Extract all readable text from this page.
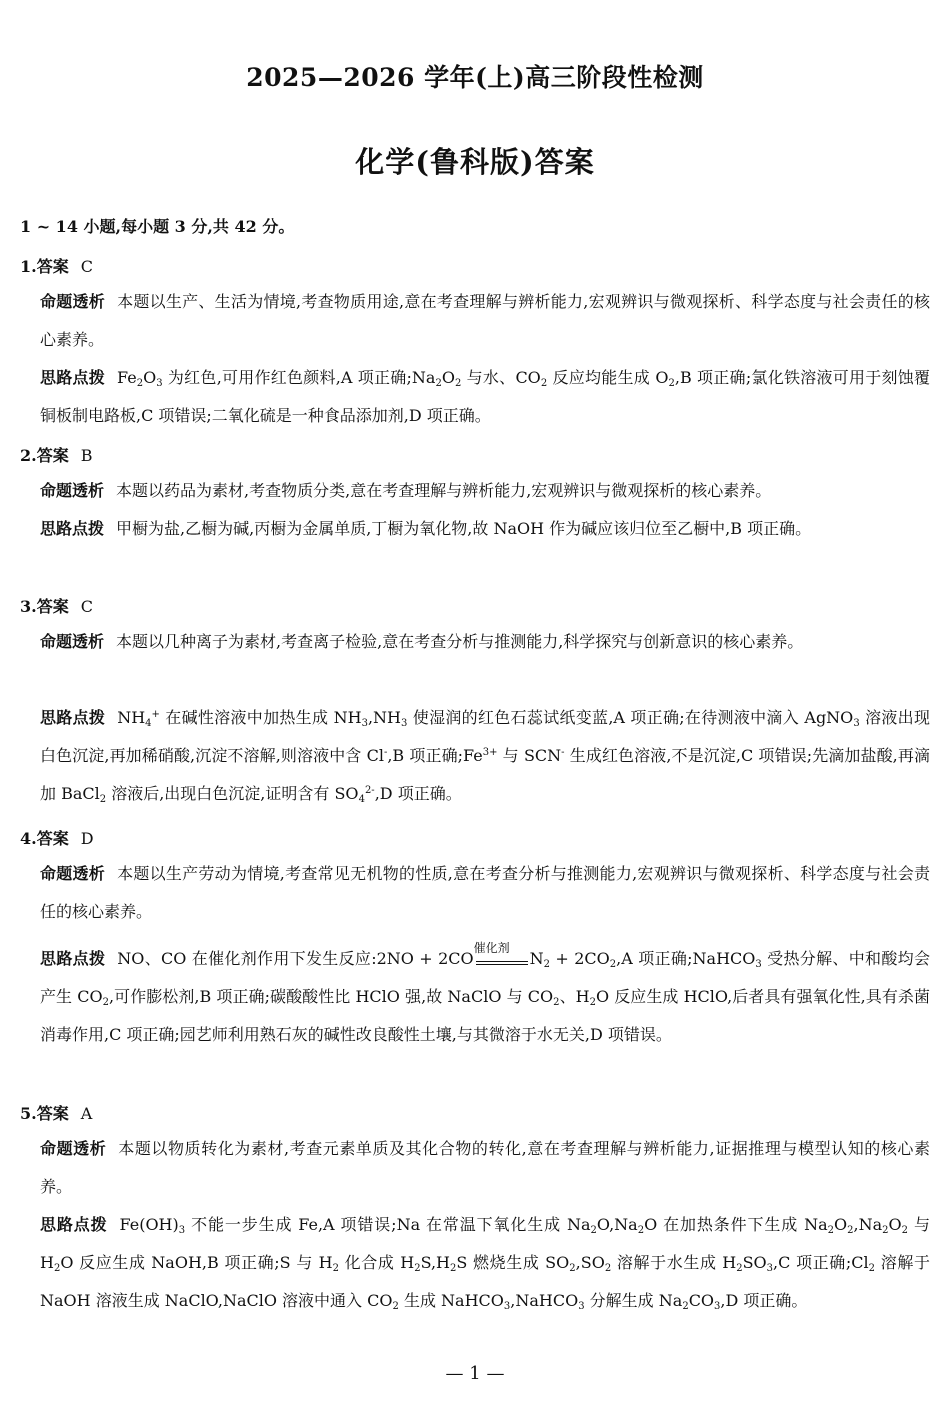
2025—2026 学年(上)高三阶段性检测
化学(鲁科版)答案
1 ~ 14 小题,每小题 3 分,共 42 分。
1.答案 C
命题透析 本题以生产、生活为情境,考查物质用途,意在考查理解与辨析能力,宏观辨识与微观探析、科学态度与社会责任的核心素养。
思路点拨 $Fe_2O_3$ 为红色,可用作红色颜料,A 项正确$;Na_2O_2$ 与水、$CO_2$ 反应均能生成 $O_2,B$ 项正确;氯化铁溶液可用于刻蚀覆铜板制电路板,C 项错误;二氧化硫是一种食品添加剂,D 项正确。
2.答案 B
命题透析 本题以药品为素材,考查物质分类,意在考查理解与辨析能力,宏观辨识与微观探析的核心素养。
思路点拨 甲橱为盐,乙橱为碱,丙橱为金属单质,丁橱为氧化物,故 NaOH 作为碱应该归位至乙橱中,B 项正确。
3.答案 C
命题透析 本题以几种离子为素材,考查离子检验,意在考查分析与推测能力,科学探究与创新意识的核心素养。
思路点拨 $NH_4^+$ 在碱性溶液中加热生成 $NH_3,NH_3$ 使湿润的红色石蕊试纸变蓝,A 项正确;在待测液中滴入 AgNO$_3$ 溶液出现白色沉淀,再加稀硝酸,沉淀不溶解,则溶液中含 Cl-,B 项正确$;Fe^{3+}$ 与 SCN- 生成红色溶液,不是沉淀,C 项错误;先滴加盐酸,再滴加 BaCl$_2$ 溶液后,出现白色沉淀,证明含有 $SO_4^{2-},D$ 项正确。
4.答案 D
命题透析 本题以生产劳动为情境,考查常见无机物的性质,意在考查分析与推测能力,宏观辨识与微观探析、科学态度与社会责任的核心素养。
思路点拨 NO、CO 在催化剂作用下发生反应:2NO + 2CO
催化剂
$N_2 + 2CO_2,A$ 项正确;NaHCO$_3$ 受热分解、中和酸均会产生 $CO_2$,可作膨松剂,B 项正确;碳酸酸性比 HClO 强,故 NaClO 与 $CO_2$、$H_2O$ 反应生成 HClO,后者具有强氧化性,具有杀菌消毒作用,C 项正确;园艺师利用熟石灰的碱性改良酸性土壤,与其微溶于水无关,D 项错误。
5.答案 A
命题透析 本题以物质转化为素材,考查元素单质及其化合物的转化,意在考查理解与辨析能力,证据推理与模型认知的核心素养。
思路点拨 $Fe(OH)_3$ 不能一步生成 Fe,A 项错误;Na 在常温下氧化生成 $Na_2O,Na_2O$ 在加热条件下生成 $Na_2O_2,Na_2O_2$ 与 $H_2O$ 反应生成 NaOH,B 项正确;S 与 $H_2$ 化合成 $H_2S,H_2S$ 燃烧生成 $SO_2,SO_2$ 溶解于水生成 $H_2SO_3,C$ 项正确$;Cl_2$ 溶解于 NaOH 溶液生成 NaClO,NaClO 溶液中通入 $CO_2$ 生成 NaHCO$_3$,NaHCO$_3$ 分解生成 $Na_2CO_3,D$ 项正确。
— 1 —
